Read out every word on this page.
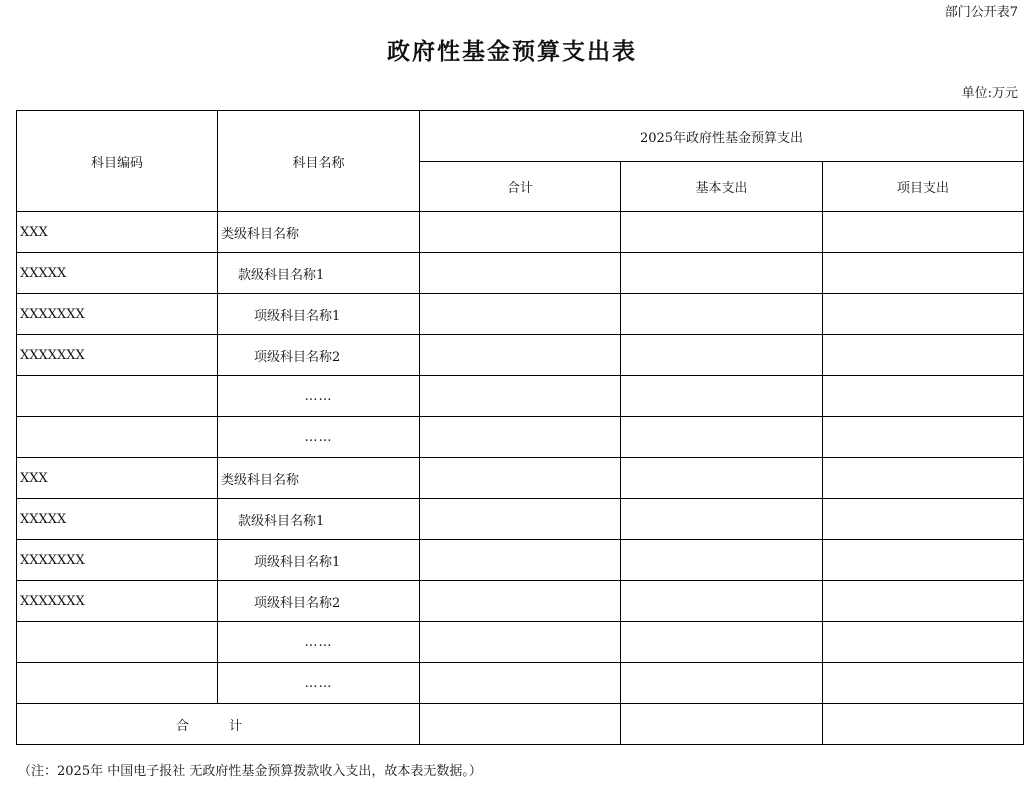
部门公开表7
政府性基金预算支出表
单位:万元
科目编码	科目名称	2025年政府性基金预算支出		
		合计	基本支出	项目支出
XXX	类级科目名称			
XXXXX	款级科目名称1			
XXXXXXX	项级科目名称1			
XXXXXXX	项级科目名称2			
	……			
	……			
XXX	类级科目名称			
XXXXX	款级科目名称1			
XXXXXXX	项级科目名称1			
XXXXXXX	项级科目名称2			
	……			
	……			
合 计				
（注：2025年 中国电子报社 无政府性基金预算拨款收入支出，故本表无数据。）
